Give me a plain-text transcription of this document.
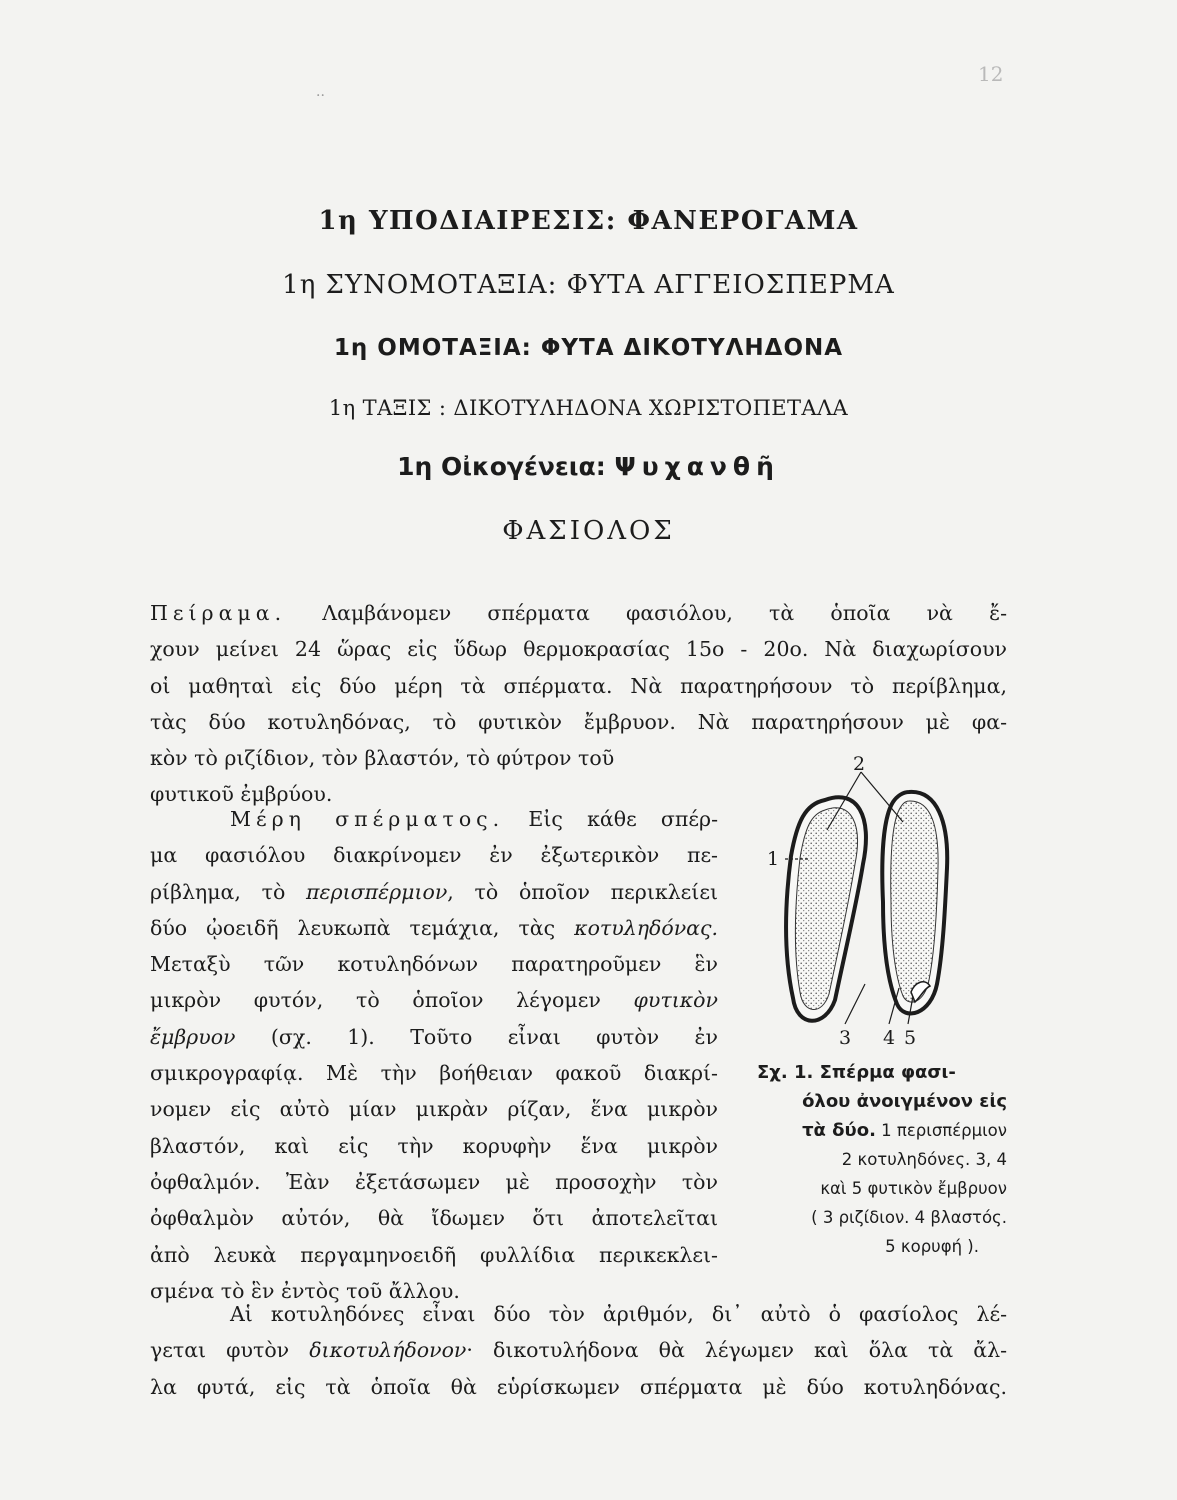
12
··
1η ΥΠΟΔΙΑΙΡΕΣΙΣ: ΦΑΝΕΡΟΓΑΜΑ
1η ΣΥΝΟΜΟΤΑΞΙΑ: ΦΥΤΑ ΑΓΓΕΙΟΣΠΕΡΜΑ
1η ΟΜΟΤΑΞΙΑ: ΦΥΤΑ ΔΙΚΟΤΥΛΗΔΟΝΑ
1η ΤΑΞΙΣ : ΔΙΚΟΤΥΛΗΔΟΝΑ ΧΩΡΙΣΤΟΠΕΤΑΛΑ
1η Οἰκογένεια: Ψυχανθῆ
ΦΑΣΙΟΛΟΣ
Πείραμα. Λαμβάνομεν σπέρματα φασιόλου, τὰ ὁποῖα νὰ ἔ-
χουν μείνει 24 ὥρας εἰς ὕδωρ θερμοκρασίας 15ο - 20ο. Νὰ διαχωρίσουν
οἱ μαθηταὶ εἰς δύο μέρη τὰ σπέρματα. Νὰ παρατηρήσουν τὸ περίβλημα,
τὰς δύο κοτυληδόνας, τὸ φυτικὸν ἔμβρυον. Νὰ παρατηρήσουν μὲ φα-
κὸν τὸ ριζίδιον, τὸν βλαστόν, τὸ φύτρον τοῦ
φυτικοῦ ἐμβρύου.
Μέρη σπέρματος. Εἰς κάθε σπέρ-
μα φασιόλου διακρίνομεν ἐν ἐξωτερικὸν πε-
ρίβλημα, τὸ περισπέρμιον, τὸ ὁποῖον περικλείει
δύο ᾠοειδῆ λευκωπὰ τεμάχια, τὰς κοτυληδόνας.
Μεταξὺ τῶν κοτυληδόνων παρατηροῦμεν ἓν
μικρὸν φυτόν, τὸ ὁποῖον λέγομεν φυτικὸν
ἔμβρυον (σχ. 1). Τοῦτο εἶναι φυτὸν ἐν
σμικρογραφίᾳ. Μὲ τὴν βοήθειαν φακοῦ διακρί-
νομεν εἰς αὐτὸ μίαν μικρὰν ρίζαν, ἕνα μικρὸν
βλαστόν, καὶ εἰς τὴν κορυφὴν ἕνα μικρὸν
ὀφθαλμόν. Ἐὰν ἐξετάσωμεν μὲ προσοχὴν τὸν
ὀφθαλμὸν αὐτόν, θὰ ἴδωμεν ὅτι ἀποτελεῖται
ἀπὸ λευκὰ περγαμηνοειδῆ φυλλίδια περικεκλει-
σμένα τὸ ἓν ἐντὸς τοῦ ἄλλου.
2
1
3 4 5
Σχ. 1. Σπέρμα φασι-
όλου ἀνοιγμένον εἰς
τὰ δύο. 1 περισπέρμιον
2 κοτυληδόνες. 3, 4
καὶ 5 φυτικὸν ἔμβρυον
( 3 ριζίδιον. 4 βλαστός.
5 κορυφή ).
Αἱ κοτυληδόνες εἶναι δύο τὸν ἀριθμόν, δι᾽ αὐτὸ ὁ φασίολος λέ-
γεται φυτὸν δικοτυλήδονον· δικοτυλήδονα θὰ λέγωμεν καὶ ὅλα τὰ ἄλ-
λα φυτά, εἰς τὰ ὁποῖα θὰ εὑρίσκωμεν σπέρματα μὲ δύο κοτυληδόνας.
